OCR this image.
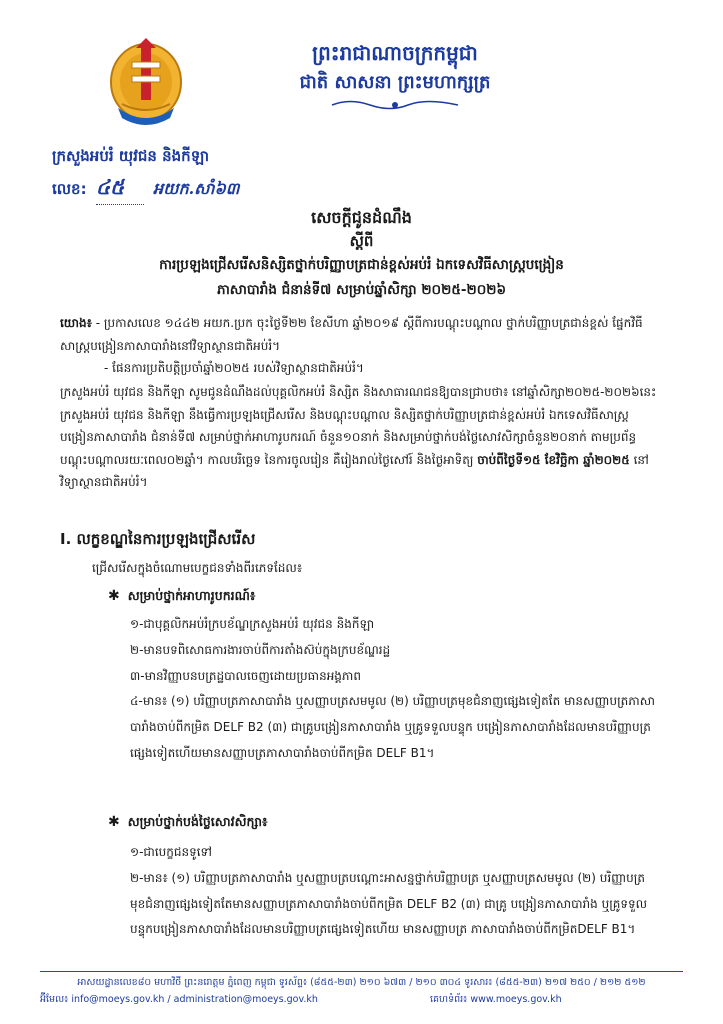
ព្រះរាជាណាចក្រកម្ពុជា
ជាតិ សាសនា ព្រះមហាក្សត្រ
ក្រសួងអប់រំ យុវជន និងកីឡា
លេខ: ៤៥ អយក.សាំ៦៣
សេចក្តីជូនដំណឹង
ស្តីពី
ការប្រឡងជ្រើសរើសនិស្សិតថ្នាក់បរិញ្ញាបត្រជាន់ខ្ពស់អប់រំ ឯកទេសវិធីសាស្ត្របង្រៀន
ភាសាបារាំង ជំនាន់ទី៧ សម្រាប់ឆ្នាំសិក្សា ២០២៥-២០២៦
យោង៖ - ប្រកាសលេខ ១៤៤២ អយក.ប្រក ចុះថ្ងៃទី២២ ខែសីហា ឆ្នាំ២០១៩ ស្តីពីការបណ្តុះបណ្តាល ថ្នាក់បរិញ្ញាបត្រជាន់ខ្ពស់ ផ្នែកវិធីសាស្ត្របង្រៀនភាសាបារាំងនៅវិទ្យាស្ថានជាតិអប់រំ។
- ផែនការប្រតិបត្តិប្រចាំឆ្នាំ២០២៥ របស់វិទ្យាស្ថានជាតិអប់រំ។
ក្រសួងអប់រំ យុវជន និងកីឡា សូមជូនដំណឹងដល់បុគ្គលិកអប់រំ និស្សិត និងសាធារណជនឱ្យបានជ្រាបថា៖ នៅឆ្នាំសិក្សា២០២៥-២០២៦នេះ ក្រសួងអប់រំ យុវជន និងកីឡា នឹងធ្វើការប្រឡងជ្រើសរើស និងបណ្តុះបណ្តាល និស្សិតថ្នាក់បរិញ្ញាបត្រជាន់ខ្ពស់អប់រំ ឯកទេសវិធីសាស្ត្របង្រៀនភាសាបារាំង ជំនាន់ទី៧ សម្រាប់ថ្នាក់អាហារូបករណ៍ ចំនួន១០នាក់ និងសម្រាប់ថ្នាក់បង់ថ្លៃសោវសិក្សាចំនួន២០នាក់ តាមប្រព័ន្ធបណ្តុះបណ្តាលរយៈពេល០២ឆ្នាំ។ កាលបរិច្ឆេទ នៃការចូលរៀន គឺរៀងរាល់ថ្ងៃសៅរ៍ និងថ្ងៃអាទិត្យ ចាប់ពីថ្ងៃទី១៥ ខែវិច្ឆិកា ឆ្នាំ២០២៥ នៅវិទ្យាស្ថានជាតិអប់រំ។
I. លក្ខខណ្ឌនៃការប្រឡងជ្រើសរើស
ជ្រើសរើសក្នុងចំណោមបេក្ខជនទាំងពីរភេទដែល៖
✱ សម្រាប់ថ្នាក់អាហារូបករណ៍៖
១-ជាបុគ្គលិកអប់រំក្របខ័ណ្ឌក្រសួងអប់រំ យុវជន និងកីឡា
២-មានបទពិសោធការងារចាប់ពីការតាំងស៊ប់ក្នុងក្របខ័ណ្ឌរដ្ឋ
៣-មានវិញ្ញាបនបត្រដ្ឋបាលចេញដោយប្រធានអង្គភាព
៤-មាន៖ (១) បរិញ្ញាបត្រភាសាបារាំង ឬសញ្ញាបត្រសមមូល (២) បរិញ្ញាបត្រមុខជំនាញផ្សេងទៀតតែ មានសញ្ញាបត្រភាសាបារាំងចាប់ពីកម្រិត DELF B2 (៣) ជាគ្រូបង្រៀនភាសាបារាំង ឬគ្រូទទួលបន្ទុក បង្រៀនភាសាបារាំងដែលមានបរិញ្ញាបត្រផ្សេងទៀតហើយមានសញ្ញាបត្រភាសាបារាំងចាប់ពីកម្រិត DELF B1។
✱ សម្រាប់ថ្នាក់បង់ថ្លៃសោវសិក្សា៖
១-ជាបេក្ខជនទូទៅ
២-មាន៖ (១) បរិញ្ញាបត្រភាសាបារាំង ឬសញ្ញាបត្របណ្តោះអាសន្នថ្នាក់បរិញ្ញាបត្រ ឬសញ្ញាបត្រសមមូល (២) បរិញ្ញាបត្រមុខជំនាញផ្សេងទៀតតែមានសញ្ញាបត្រភាសាបារាំងចាប់ពីកម្រិត DELF B2 (៣) ជាគ្រូ បង្រៀនភាសាបារាំង ឬគ្រូទទួលបន្ទុកបង្រៀនភាសាបារាំងដែលមានបរិញ្ញាបត្រផ្សេងទៀតហើយ មានសញ្ញាបត្រ ភាសាបារាំងចាប់ពីកម្រិតDELF B1។
អាសយដ្ឋានលេខ៨០ មហាវិថី ព្រះនរោត្តម ភ្នំពេញ កម្ពុជា ទូរស័ព្ទ៖ (៨៥៥-២៣) ២១០ ៦៧៣ / ២១០ ៣០៤ ទូរសារ៖ (៨៥៥-២៣) ២១៧ ២៥០ / ២១២ ៥១២
អ៊ីមែល៖ info@moeys.gov.kh / administration@moeys.gov.kh	គេហទំព័រ៖ www.moeys.gov.kh
